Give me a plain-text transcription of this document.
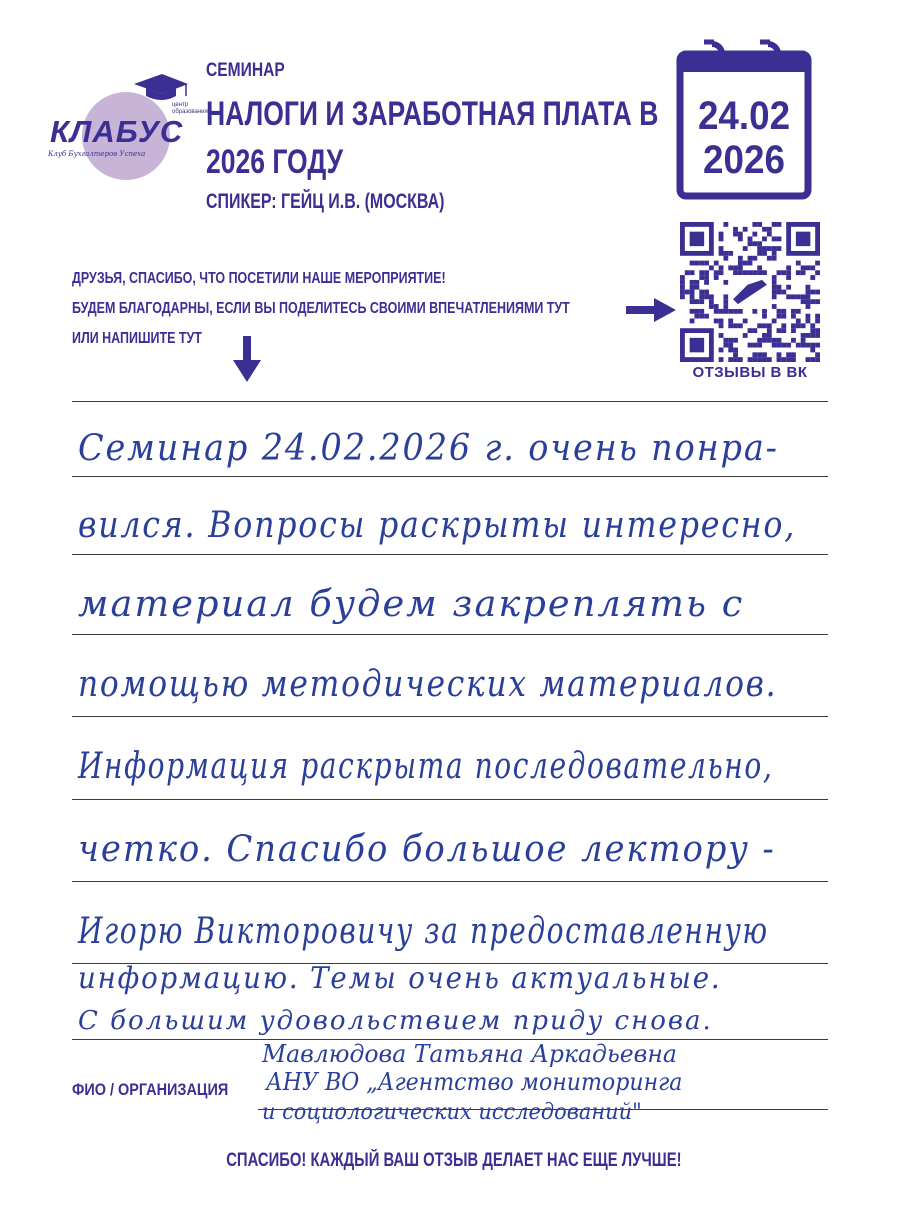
центр образования
КЛАБУС
Клуб Бухгалтеров Успеха
СЕМИНАР
НАЛОГИ И ЗАРАБОТНАЯ ПЛАТА В
2026 ГОДУ
СПИКЕР: ГЕЙЦ И.В. (МОСКВА)
24.02
2026
ОТЗЫВЫ В ВК
ДРУЗЬЯ, СПАСИБО, ЧТО ПОСЕТИЛИ НАШЕ МЕРОПРИЯТИЕ!
БУДЕМ БЛАГОДАРНЫ, ЕСЛИ ВЫ ПОДЕЛИТЕСЬ СВОИМИ ВПЕЧАТЛЕНИЯМИ ТУТ
ИЛИ НАПИШИТЕ ТУТ
Семинар 24.02.2026 г. очень понра-
вился. Вопросы раскрыты интересно,
материал будем закреплять с
помощью методических материалов.
Информация раскрыта последовательно,
четко. Спасибо большое лектору -
Игорю Викторовичу за предоставленную
информацию. Темы очень актуальные.
С большим удовольствием приду снова.
ФИО / ОРГАНИЗАЦИЯ
Мавлюдова Татьяна Аркадьевна
АНУ ВО „Агентство мониторинга
и социологических исследований"
СПАСИБО! КАЖДЫЙ ВАШ ОТЗЫВ ДЕЛАЕТ НАС ЕЩЕ ЛУЧШЕ!
